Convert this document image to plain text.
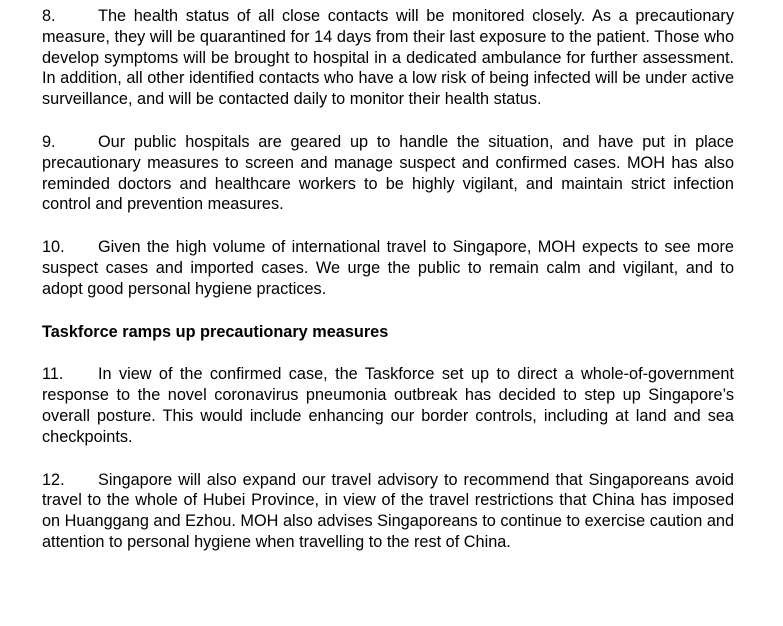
8.	The health status of all close contacts will be monitored closely. As a precautionary measure, they will be quarantined for 14 days from their last exposure to the patient. Those who develop symptoms will be brought to hospital in a dedicated ambulance for further assessment. In addition, all other identified contacts who have a low risk of being infected will be under active surveillance, and will be contacted daily to monitor their health status.

9.	Our public hospitals are geared up to handle the situation, and have put in place precautionary measures to screen and manage suspect and confirmed cases. MOH has also reminded doctors and healthcare workers to be highly vigilant, and maintain strict infection control and prevention measures.

10. Given the high volume of international travel to Singapore, MOH expects to see more suspect cases and imported cases. We urge the public to remain calm and vigilant, and to adopt good personal hygiene practices.

Taskforce ramps up precautionary measures

11. In view of the confirmed case, the Taskforce set up to direct a whole-of-government response to the novel coronavirus pneumonia outbreak has decided to step up Singapore’s overall posture. This would include enhancing our border controls, including at land and sea checkpoints.

12. Singapore will also expand our travel advisory to recommend that Singaporeans avoid travel to the whole of Hubei Province, in view of the travel restrictions that China has imposed on Huanggang and Ezhou. MOH also advises Singaporeans to continue to exercise caution and attention to personal hygiene when travelling to the rest of China.
